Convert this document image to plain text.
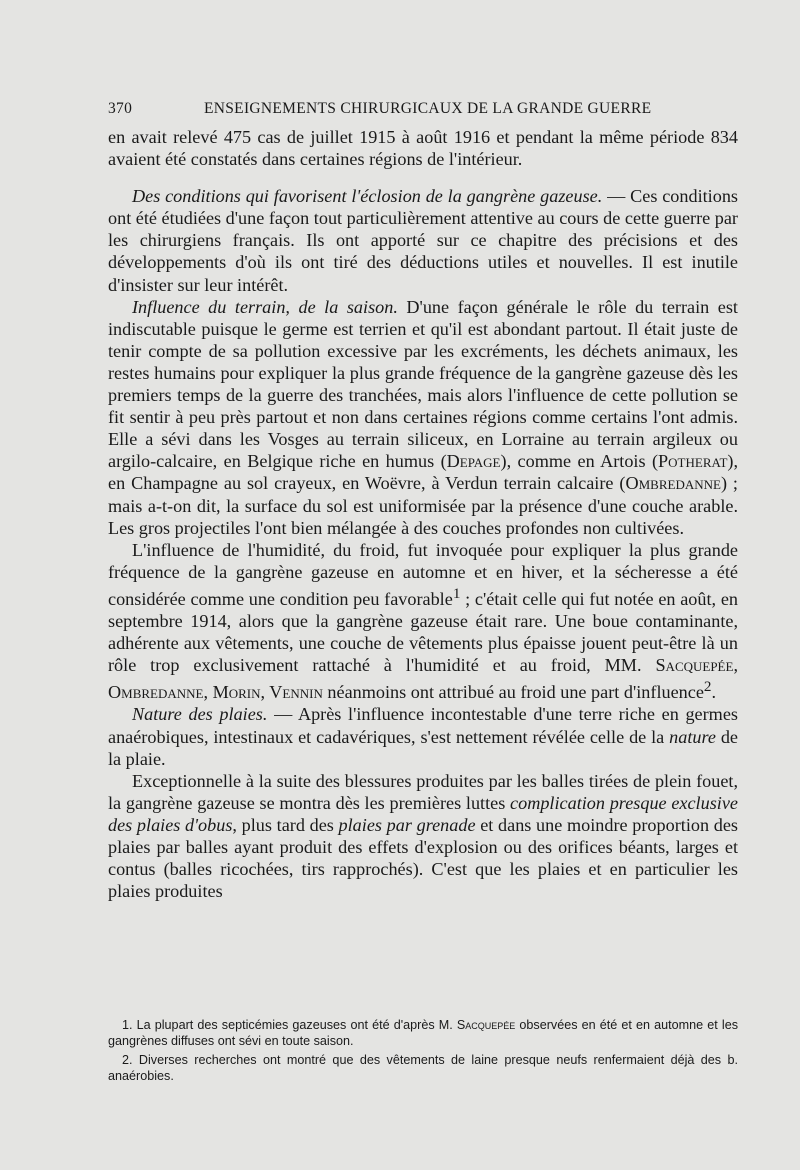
370	ENSEIGNEMENTS CHIRURGICAUX DE LA GRANDE GUERRE

en avait relevé 475 cas de juillet 1915 à août 1916 et pendant la même période 834 avaient été constatés dans certaines régions de l'intérieur.

Des conditions qui favorisent l'éclosion de la gangrène gazeuse. — Ces conditions ont été étudiées d'une façon tout particulièrement attentive au cours de cette guerre par les chirurgiens français. Ils ont apporté sur ce chapitre des précisions et des développements d'où ils ont tiré des déductions utiles et nouvelles. Il est inutile d'insister sur leur intérêt.

Influence du terrain, de la saison. D'une façon générale le rôle du terrain est indiscutable puisque le germe est terrien et qu'il est abondant partout. Il était juste de tenir compte de sa pollution excessive par les excréments, les déchets animaux, les restes humains pour expliquer la plus grande fréquence de la gangrène gazeuse dès les premiers temps de la guerre des tranchées, mais alors l'influence de cette pollution se fit sentir à peu près partout et non dans certaines régions comme certains l'ont admis. Elle a sévi dans les Vosges au terrain siliceux, en Lorraine au terrain argileux ou argilo-calcaire, en Belgique riche en humus (Depage), comme en Artois (Potherat), en Champagne au sol crayeux, en Woëvre, à Verdun terrain calcaire (Ombredanne) ; mais a-t-on dit, la surface du sol est uniformisée par la présence d'une couche arable. Les gros projectiles l'ont bien mélangée à des couches profondes non cultivées.

L'influence de l'humidité, du froid, fut invoquée pour expliquer la plus grande fréquence de la gangrène gazeuse en automne et en hiver, et la sécheresse a été considérée comme une condition peu favorable$^1$ ; c'était celle qui fut notée en août, en septembre 1914, alors que la gangrène gazeuse était rare. Une boue contaminante, adhérente aux vêtements, une couche de vêtements plus épaisse jouent peut-être là un rôle trop exclusivement rattaché à l'humidité et au froid, MM. Sacquepée, Ombredanne, Morin, Vennin néanmoins ont attribué au froid une part d'influence$^2$.

Nature des plaies. — Après l'influence incontestable d'une terre riche en germes anaérobiques, intestinaux et cadavériques, s'est nettement révélée celle de la nature de la plaie.

Exceptionnelle à la suite des blessures produites par les balles tirées de plein fouet, la gangrène gazeuse se montra dès les premières luttes complication presque exclusive des plaies d'obus, plus tard des plaies par grenade et dans une moindre proportion des plaies par balles ayant produit des effets d'explosion ou des orifices béants, larges et contus (balles ricochées, tirs rapprochés). C'est que les plaies et en particulier les plaies produites

1. La plupart des septicémies gazeuses ont été d'après M. Sacquepée observées en été et en automne et les gangrènes diffuses ont sévi en toute saison.

2. Diverses recherches ont montré que des vêtements de laine presque neufs renfermaient déjà des b. anaérobies.
